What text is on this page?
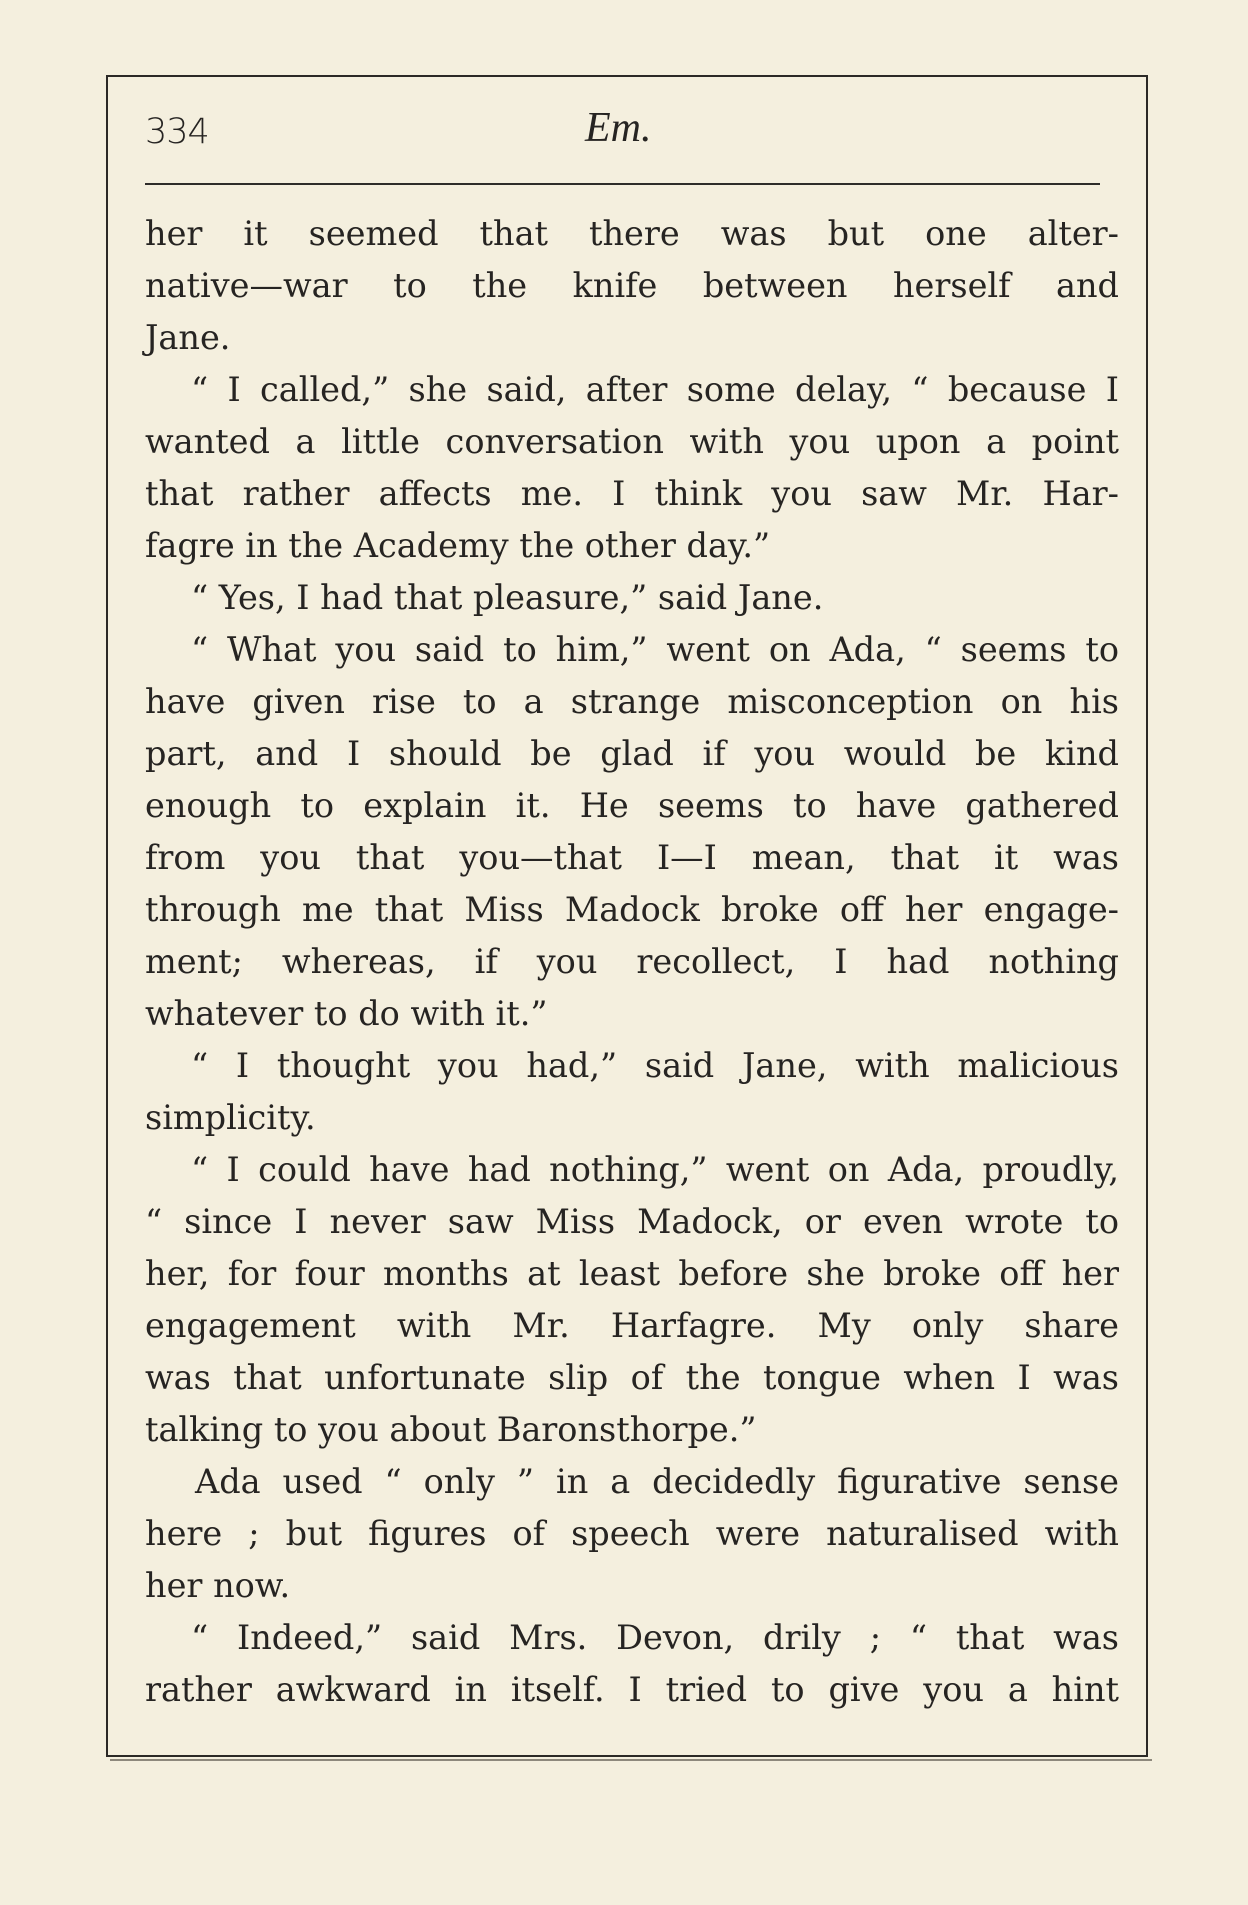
334	Em.
her it seemed that there was but one alter-
native—war to the knife between herself and
Jane.
“ I called,” she said, after some delay, “ because I
wanted a little conversation with you upon a point
that rather affects me. I think you saw Mr. Har-
fagre in the Academy the other day.”
“ Yes, I had that pleasure,” said Jane.
“ What you said to him,” went on Ada, “ seems to
have given rise to a strange misconception on his
part, and I should be glad if you would be kind
enough to explain it. He seems to have gathered
from you that you—that I—I mean, that it was
through me that Miss Madock broke off her engage-
ment; whereas, if you recollect, I had nothing
whatever to do with it.”
“ I thought you had,” said Jane, with malicious
simplicity.
“ I could have had nothing,” went on Ada, proudly,
“ since I never saw Miss Madock, or even wrote to
her, for four months at least before she broke off her
engagement with Mr. Harfagre. My only share
was that unfortunate slip of the tongue when I was
talking to you about Baronsthorpe.”
Ada used “ only ” in a decidedly figurative sense
here ; but figures of speech were naturalised with
her now.
“ Indeed,” said Mrs. Devon, drily ; “ that was
rather awkward in itself. I tried to give you a hint
